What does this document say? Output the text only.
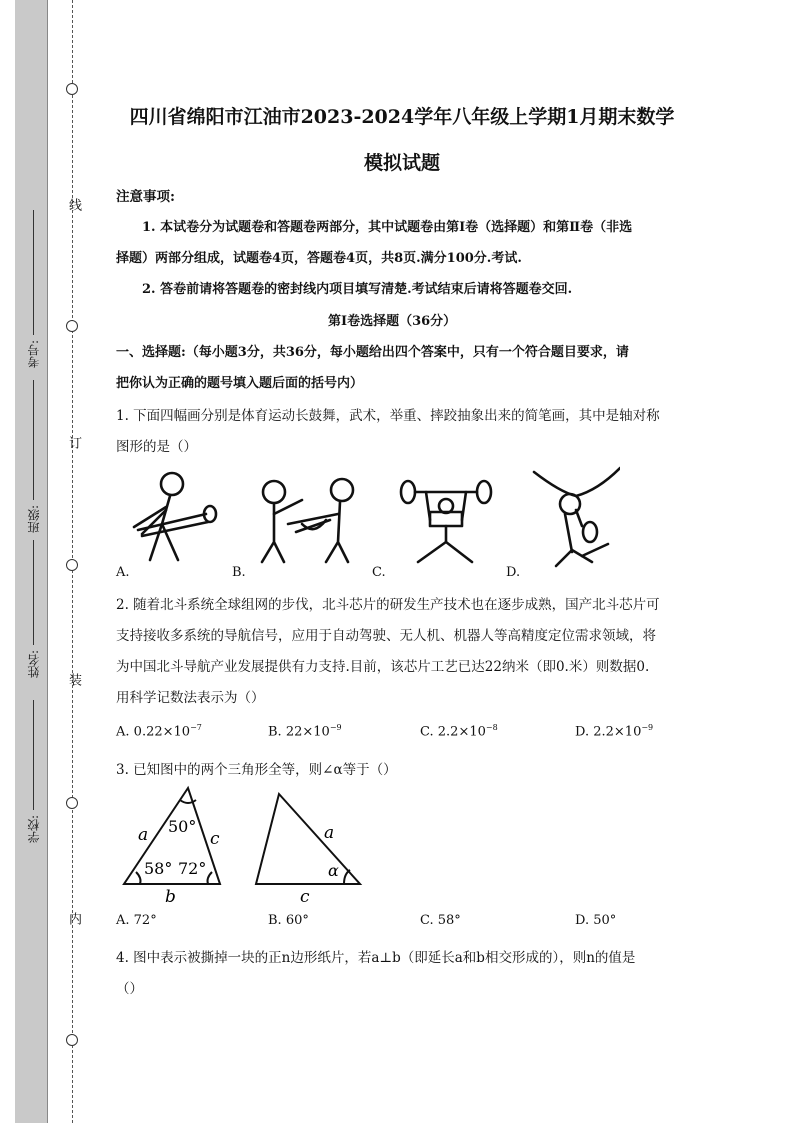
线
订
装
内
考号:
班级:
姓名:
学校:
四川省绵阳市江油市2023-2024学年八年级上学期1月期末数学
模拟试题
注意事项:
1. 本试卷分为试题卷和答题卷两部分，其中试题卷由第Ⅰ卷（选择题）和第Ⅱ卷（非选
择题）两部分组成，试题卷4页，答题卷4页，共8页.满分100分.考试.
2. 答卷前请将答题卷的密封线内项目填写清楚.考试结束后请将答题卷交回.
第Ⅰ卷选择题（36分）
一、选择题:（每小题3分，共36分，每小题给出四个答案中，只有一个符合题目要求，请
把你认为正确的题号填入题后面的括号内）
1. 下面四幅画分别是体育运动长鼓舞，武术，举重、摔跤抽象出来的简笔画，其中是轴对称
图形的是（）
A.	B.	C.	D.
2. 随着北斗系统全球组网的步伐，北斗芯片的研发生产技术也在逐步成熟，国产北斗芯片可
支持接收多系统的导航信号，应用于自动驾驶、无人机、机器人等高精度定位需求领域，将
为中国北斗导航产业发展提供有力支持.目前，该芯片工艺已达22纳米（即0.米）则数据0.
用科学记数法表示为（）
A. $0.22\times 10^{-7}$	B. $22\times 10^{-9}$	C. $2.2\times 10^{-8}$	D. $2.2\times 10^{-9}$
3. 已知图中的两个三角形全等，则∠α等于（）
a	c
b
50°
58° 72°
a
c
α
A. 72°	B. 60°	C. 58°	D. 50°
4. 图中表示被撕掉一块的正n边形纸片，若a⊥b（即延长a和b相交形成的），则n的值是
（）
